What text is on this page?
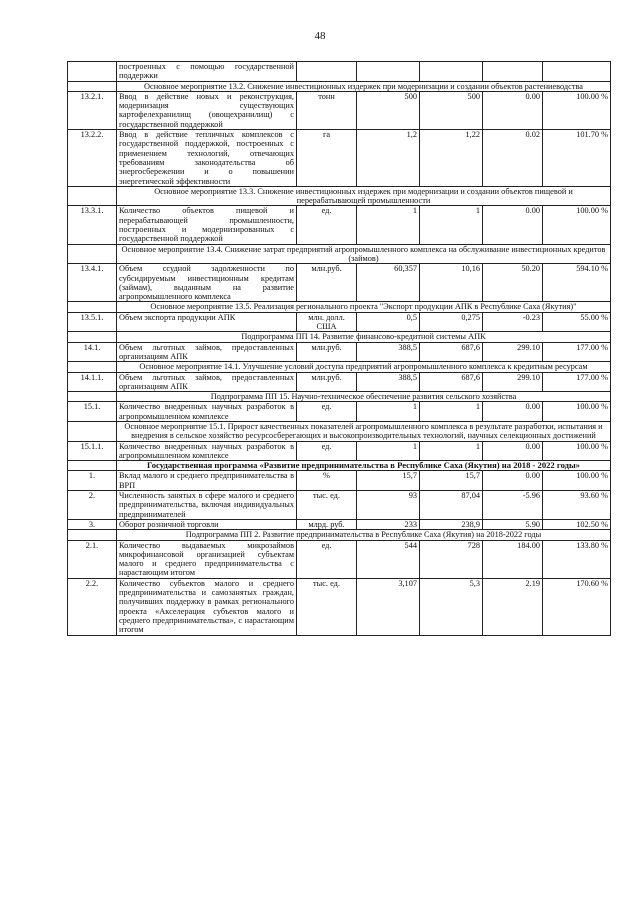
48
	построенных с помощью государственной поддержки					
	Основное мероприятие 13.2. Снижение инвестиционных издержек при модернизации и создании объектов растениеводства					
13.2.1.	Ввод в действие новых и реконструкция, модернизация существующих картофелехранилищ (овощехранилищ) с государственной поддержкой	тонн	500	500	0.00	100.00 %
13.2.2.	Ввод в действие тепличных комплексов с государственной поддержкой, построенных с применением технологий, отвечающих требованиям законодательства об энергосбережении и о повышении энергетической эффективности	га	1,2	1,22	0.02	101.70 %
	Основное мероприятие 13.3. Снижение инвестиционных издержек при модернизации и создании объектов пищевой и перерабатывающей промышленности					
13.3.1.	Количество объектов пищевой и перерабатывающей промышленности, построенных и модернизированных с государственной поддержкой	ед.	1	1	0.00	100.00 %
	Основное мероприятие 13.4. Снижение затрат предприятий агропромышленного комплекса на обслуживание инвестиционных кредитов (займов)					
13.4.1.	Объем ссудной задолженности по субсидируемым инвестиционным кредитам (займам), выданным на развитие агропромышленного комплекса	млн.руб.	60,357	10,16	50.20	594.10 %
	Основное мероприятие 13.5. Реализация регионального проекта "Экспорт продукции АПК в Республике Саха (Якутия)"					
13.5.1.	Объем экспорта продукции АПК	млн. долл. США	0,5	0,275	-0.23	55.00 %
	Подпрограмма ПП 14. Развитие финансово-кредитной системы АПК					
14.1.	Объем льготных займов, предоставленных организациям АПК	млн.руб.	388,5	687,6	299.10	177.00 %
	Основное мероприятие 14.1. Улучшение условий доступа предприятий агропромышленного комплекса к кредитным ресурсам					
14.1.1.	Объем льготных займов, предоставленных организациям АПК	млн.руб.	388,5	687,6	299.10	177.00 %
	Подпрограмма ПП 15. Научно-техническое обеспечение развития сельского хозяйства					
15.1.	Количество внедренных научных разработок в агропромышленном комплексе	ед.	1	1	0.00	100.00 %
	Основное мероприятие 15.1. Прирост качественных показателей агропромышленного комплекса в результате разработки, испытания и внедрения в сельское хозяйство ресурсосберегающих и высокопроизводительных технологий, научных селекционных достижений					
15.1.1.	Количество внедренных научных разработок в агропромышленном комплексе	ед.	1	1	0.00	100.00 %
	Государственная программа «Развитие предпринимательства в Республике Саха (Якутия) на 2018 - 2022 годы»					
1.	Вклад малого и среднего предпринимательства в ВРП	%	15,7	15,7	0.00	100.00 %
2.	Численность занятых в сфере малого и среднего предпринимательства, включая индивидуальных предпринимателей	тыс. ед.	93	87,04	-5.96	93.60 %
3.	Оборот розничной торговли	млрд. руб.	233	238,9	5.90	102.50 %
	Подпрограмма ПП 2. Развитие предпринимательства в Республике Саха (Якутия) на 2018-2022 годы					
2.1.	Количество выдаваемых микрозаймов микрофинансовой организацией субъектам малого и среднего предпринимательства с нарастающим итогом	ед.	544	728	184.00	133.80 %
2.2.	Количество субъектов малого и среднего предпринимательства и самозанятых граждан, получивших поддержку в рамках регионального проекта «Акселерация субъектов малого и среднего предпринимательства», с нарастающим итогом	тыс. ед.	3,107	5,3	2.19	170.60 %
